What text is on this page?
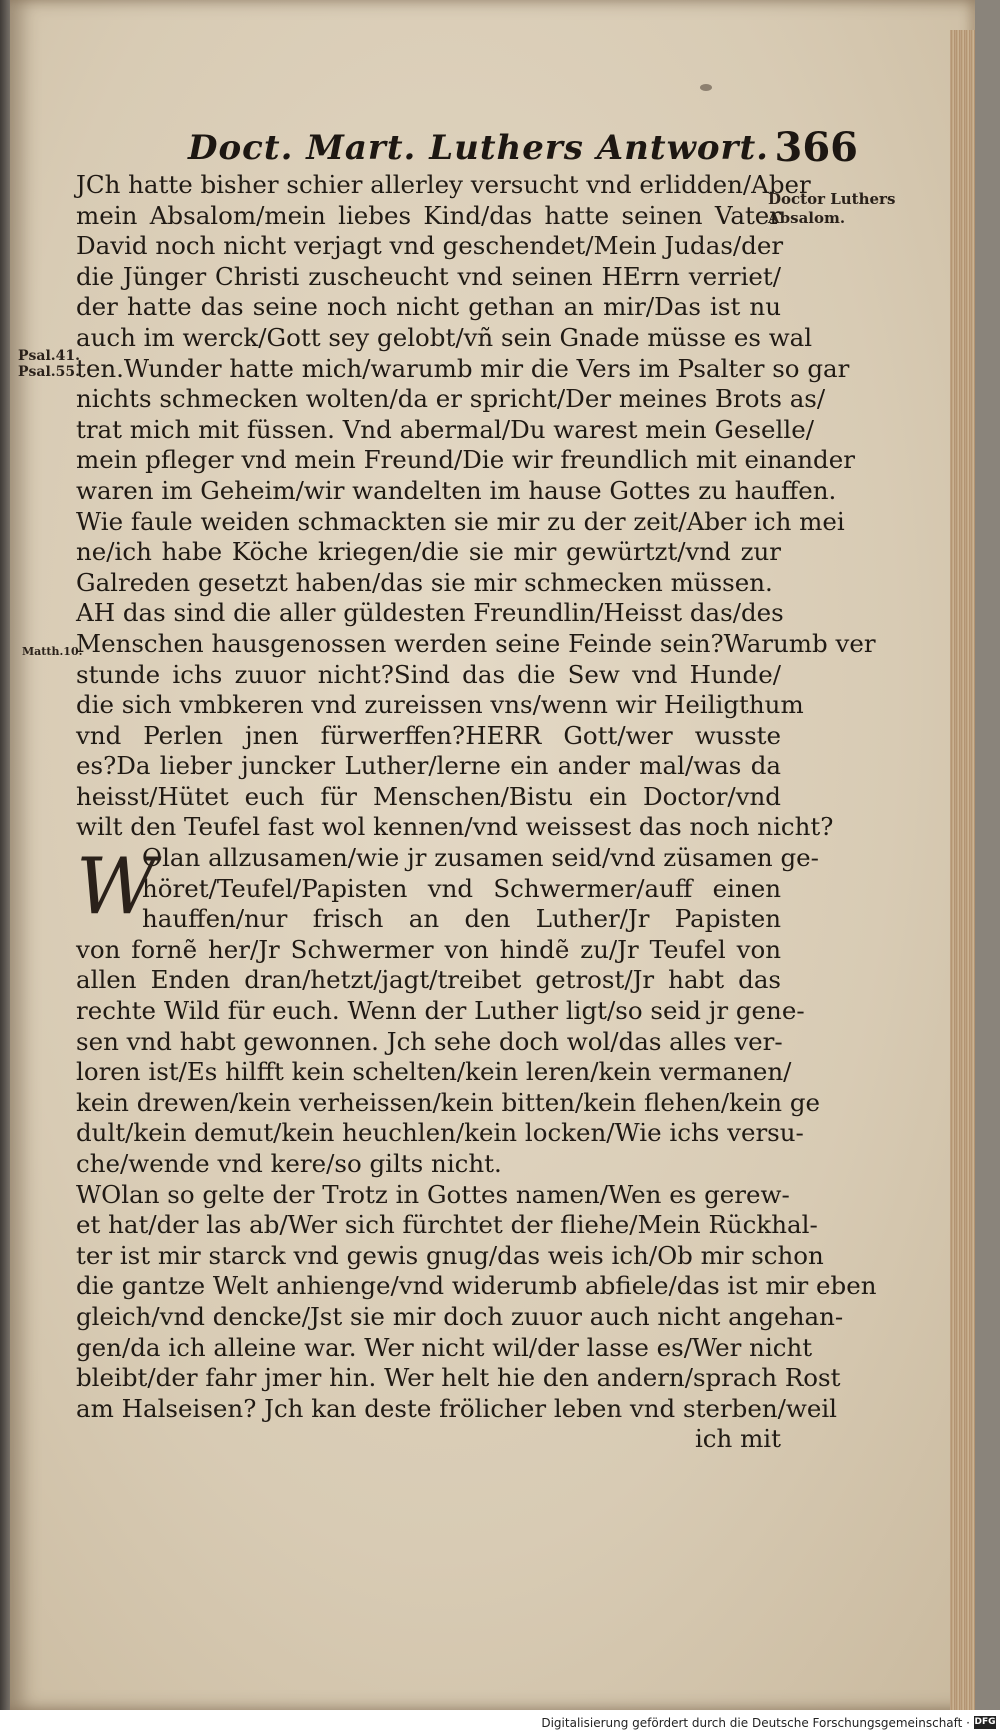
Doct. Mart. Luthers Antwort. 366
Doctor Luthers
Absalom.
Psal.41.
Psal.55.
Matth.10.
JCh hatte bisher schier allerley versucht vnd erlidden/Aber
mein Absalom/mein liebes Kind/das hatte seinen Vater
David noch nicht verjagt vnd geschendet/Mein Judas/der
die Jünger Christi zuscheucht vnd seinen HErrn verriet/
der hatte das seine noch nicht gethan an mir/Das ist nu
auch im werck/Gott sey gelobt/vñ sein Gnade müsse es wal
ten.Wunder hatte mich/warumb mir die Vers im Psalter so gar
nichts schmecken wolten/da er spricht/Der meines Brots as/
trat mich mit füssen. Vnd abermal/Du warest mein Geselle/
mein pfleger vnd mein Freund/Die wir freundlich mit einander
waren im Geheim/wir wandelten im hause Gottes zu hauffen.
Wie faule weiden schmackten sie mir zu der zeit/Aber ich mei
ne/ich habe Köche kriegen/die sie mir gewürtzt/vnd zur
Galreden gesetzt haben/das sie mir schmecken müssen.
AH das sind die aller güldesten Freundlin/Heisst das/des
Menschen hausgenossen werden seine Feinde sein?Warumb ver
stunde ichs zuuor nicht?Sind das die Sew vnd Hunde/
die sich vmbkeren vnd zureissen vns/wenn wir Heiligthum
vnd Perlen jnen fürwerffen?HERR Gott/wer wusste
es?Da lieber juncker Luther/lerne ein ander mal/was da
heisst/Hütet euch für Menschen/Bistu ein Doctor/vnd
wilt den Teufel fast wol kennen/vnd weissest das noch nicht?
W
Olan allzusamen/wie jr zusamen seid/vnd züsamen ge-
höret/Teufel/Papisten vnd Schwermer/auff einen
hauffen/nur frisch an den Luther/Jr Papisten
von fornẽ her/Jr Schwermer von hindẽ zu/Jr Teufel von
allen Enden dran/hetzt/jagt/treibet getrost/Jr habt das
rechte Wild für euch. Wenn der Luther ligt/so seid jr gene-
sen vnd habt gewonnen. Jch sehe doch wol/das alles ver-
loren ist/Es hilfft kein schelten/kein leren/kein vermanen/
kein drewen/kein verheissen/kein bitten/kein flehen/kein ge
dult/kein demut/kein heuchlen/kein locken/Wie ichs versu-
che/wende vnd kere/so gilts nicht.
WOlan so gelte der Trotz in Gottes namen/Wen es gerew-
et hat/der las ab/Wer sich fürchtet der fliehe/Mein Rückhal-
ter ist mir starck vnd gewis gnug/das weis ich/Ob mir schon
die gantze Welt anhienge/vnd widerumb abfiele/das ist mir eben
gleich/vnd dencke/Jst sie mir doch zuuor auch nicht angehan-
gen/da ich alleine war. Wer nicht wil/der lasse es/Wer nicht
bleibt/der fahr jmer hin. Wer helt hie den andern/sprach Rost
am Halseisen? Jch kan deste frölicher leben vnd sterben/weil
ich mit
Digitalisierung gefördert durch die Deutsche Forschungsgemeinschaft · DFG
